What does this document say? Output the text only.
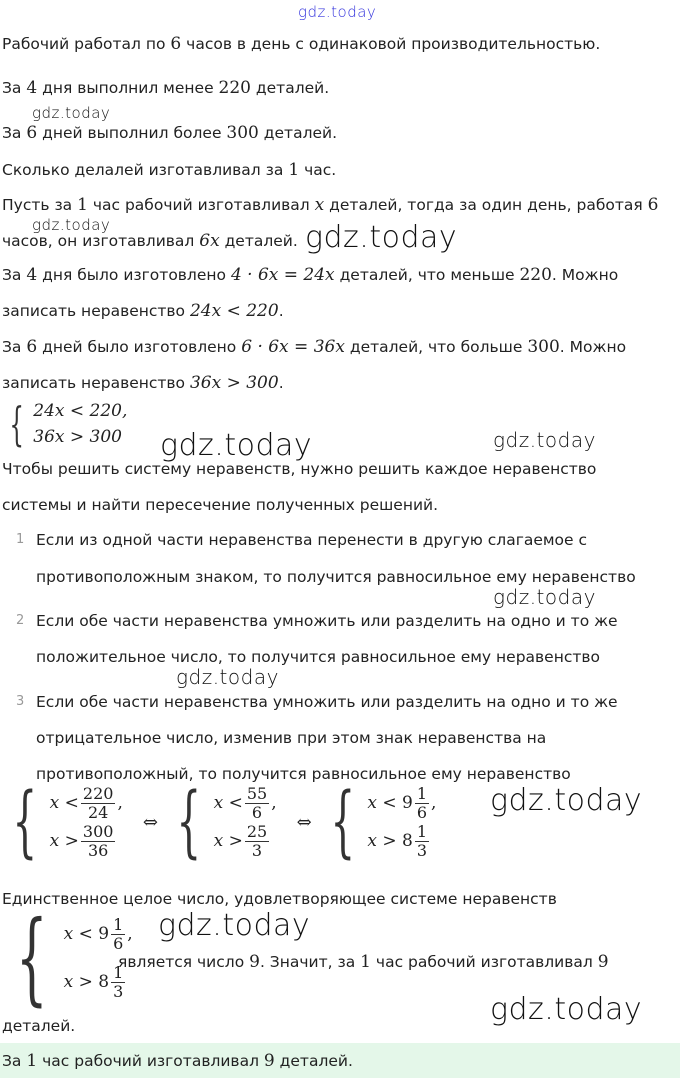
gdz.today
gdz.today
gdz.today	gdz.today
gdz.today	gdz.today
gdz.today
gdz.today
gdz.today
gdz.today
gdz.today
Рабочий работал по 6 часов в день с одинаковой производительностью.
За 4 дня выполнил менее 220 деталей.
За 6 дней выполнил более 300 деталей.
Сколько делалей изготавливал за 1 час.
Пусть за 1 час рабочий изготавливал x деталей, тогда за один день, работая 6
часов, он изготавливал 6x деталей.
За 4 дня было изготовлено 4 · 6x = 24x деталей, что меньше 220. Можно
записать неравенство 24x < 220.
За 6 дней было изготовлено 6 · 6x = 36x деталей, что больше 300. Можно
записать неравенство 36x > 300.
Чтобы решить систему неравенств, нужно решить каждое неравенство
системы и найти пересечение полученных решений.
Если из одной части неравенства перенести в другую слагаемое с
противоположным знаком, то получится равносильное ему неравенство
Если обе части неравенства умножить или разделить на одно и то же
положительное число, то получится равносильное ему неравенство
Если обе части неравенства умножить или разделить на одно и то же
отрицательное число, изменив при этом знак неравенства на
противоположный, то получится равносильное ему неравенство
Единственное целое число, удовлетворяющее системе неравенств
является число 9. Значит, за 1 час рабочий изготавливал 9
деталей.
За 1 час рабочий изготавливал 9 деталей.
1
2
3
{ 24x < 220,
36x > 300
{ x < 220
24 ,
x > 300
36
⇔ { x < 55
6 ,
x > 25
3
⇔ { x <
9 1
6 ,
x >
8 1
3
{ x <
9 1
6 ,
x >
8 1
3
